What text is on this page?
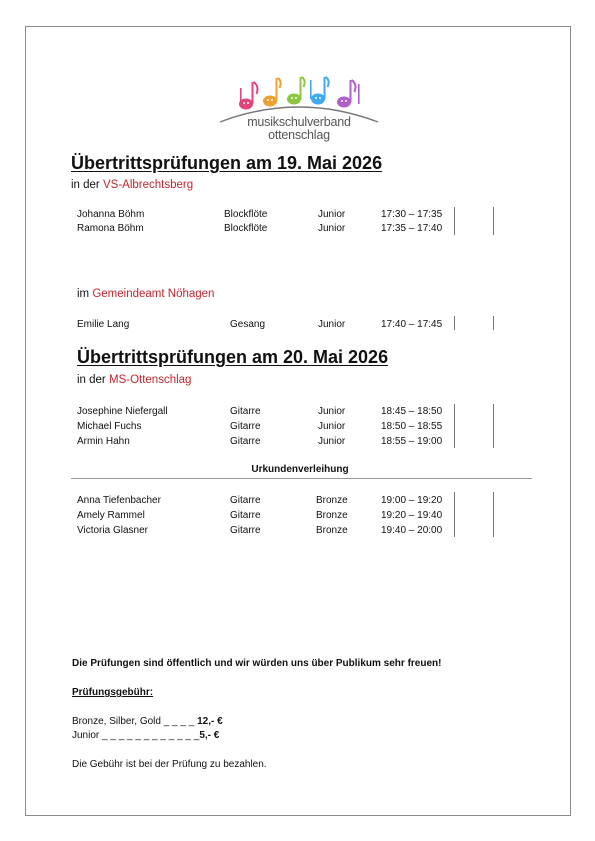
musikschulverband
ottenschlag
Übertrittsprüfungen am 19. Mai 2026

in der VS-Albrechtsberg

Johanna Böhm	Blockflöte	Junior	17:30 – 17:35
Ramona Böhm	Blockflöte	Junior	17:35 – 17:40

im Gemeindeamt Nöhagen

Emilie Lang	Gesang	Junior	17:40 – 17:45
Übertrittsprüfungen am 20. Mai 2026

in der MS-Ottenschlag

Josephine Niefergall	Gitarre	Junior	18:45 – 18:50
Michael Fuchs	Gitarre	Junior	18:50 – 18:55
Armin Hahn	Gitarre	Junior	18:55 – 19:00
Urkundenverleihung
Anna Tiefenbacher	Gitarre	Bronze	19:00 – 19:20
Amely Rammel	Gitarre	Bronze	19:20 – 19:40
Victoria Glasner	Gitarre	Bronze	19:40 – 20:00
Die Prüfungen sind öffentlich und wir würden uns über Publikum sehr freuen!
Prüfungsgebühr:
Bronze, Silber, Gold _ _ _ _ 12,- €
Junior _ _ _ _ _ _ _ _ _ _ _ _5,- €
Die Gebühr ist bei der Prüfung zu bezahlen.
